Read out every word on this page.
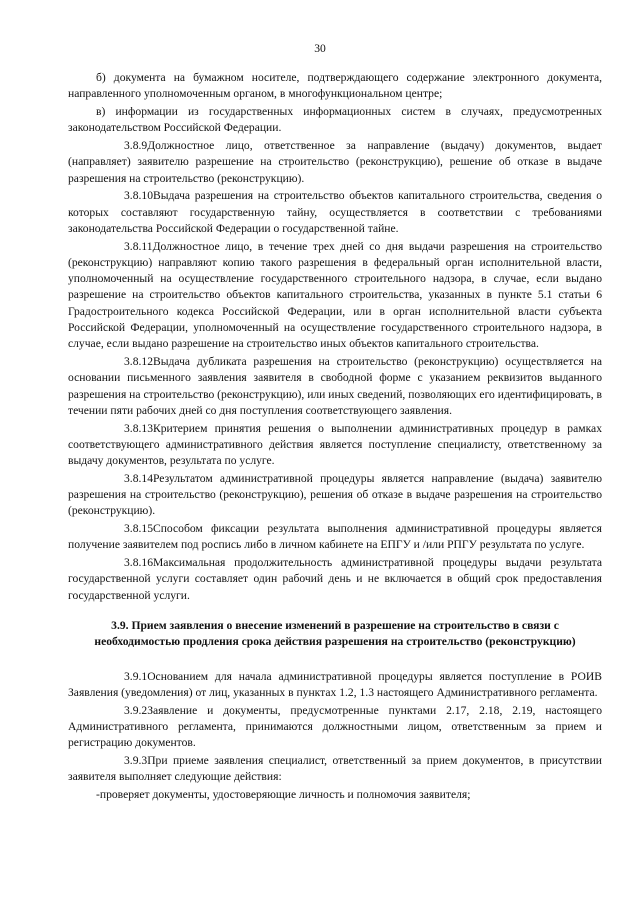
30

б) документа на бумажном носителе, подтверждающего содержание электронного документа, направленного уполномоченным органом, в многофункциональном центре;

в) информации из государственных информационных систем в случаях, предусмотренных законодательством Российской Федерации.

3.8.9Должностное лицо, ответственное за направление (выдачу) документов, выдает (направляет) заявителю разрешение на строительство (реконструкцию), решение об отказе в выдаче разрешения на строительство (реконструкцию).

3.8.10Выдача разрешения на строительство объектов капитального строительства, сведения о которых составляют государственную тайну, осуществляется в соответствии с требованиями законодательства Российской Федерации о государственной тайне.

3.8.11Должностное лицо, в течение трех дней со дня выдачи разрешения на строительство (реконструкцию) направляют копию такого разрешения в федеральный орган исполнительной власти, уполномоченный на осуществление государственного строительного надзора, в случае, если выдано разрешение на строительство объектов капитального строительства, указанных в пункте 5.1 статьи 6 Градостроительного кодекса Российской Федерации, или в орган исполнительной власти субъекта Российской Федерации, уполномоченный на осуществление государственного строительного надзора, в случае, если выдано разрешение на строительство иных объектов капитального строительства.

3.8.12Выдача дубликата разрешения на строительство (реконструкцию) осуществляется на основании письменного заявления заявителя в свободной форме с указанием реквизитов выданного разрешения на строительство (реконструкцию), или иных сведений, позволяющих его идентифицировать, в течении пяти рабочих дней со дня поступления соответствующего заявления.

3.8.13Критерием принятия решения о выполнении административных процедур в рамках соответствующего административного действия является поступление специалисту, ответственному за выдачу документов, результата по услуге.

3.8.14Результатом административной процедуры является направление (выдача) заявителю разрешения на строительство (реконструкцию), решения об отказе в выдаче разрешения на строительство (реконструкцию).

3.8.15Способом фиксации результата выполнения административной процедуры является получение заявителем под роспись либо в личном кабинете на ЕПГУ и /или РПГУ результата по услуге.

3.8.16Максимальная продолжительность административной процедуры выдачи результата государственной услуги составляет один рабочий день и не включается в общий срок предоставления государственной услуги.

3.9. Прием заявления о внесение изменений в разрешение на строительство в связи с необходимостью продления срока действия разрешения на строительство (реконструкцию)

3.9.1Основанием для начала административной процедуры является поступление в РОИВ Заявления (уведомления) от лиц, указанных в пунктах 1.2, 1.3 настоящего Административного регламента.

3.9.2Заявление и документы, предусмотренные пунктами 2.17, 2.18, 2.19, настоящего Административного регламента, принимаются должностными лицом, ответственным за прием и регистрацию документов.

3.9.3При приеме заявления специалист, ответственный за прием документов, в присутствии заявителя выполняет следующие действия:

-проверяет документы, удостоверяющие личность и полномочия заявителя;
